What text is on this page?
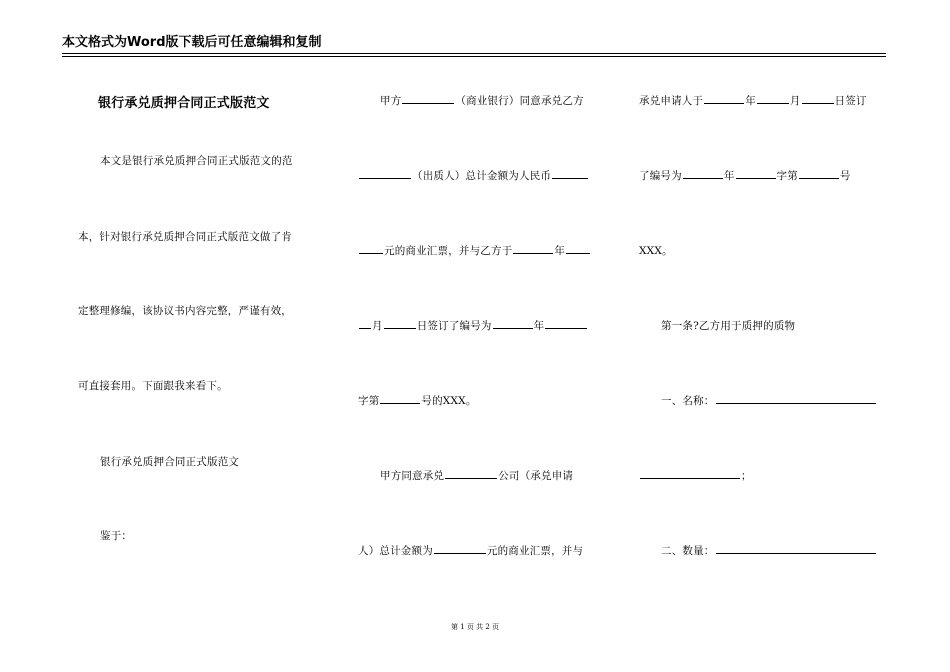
本文格式为Word版下载后可任意编辑和复制
银行承兑质押合同正式版范文
本文是银行承兑质押合同正式版范文的范
本，针对银行承兑质押合同正式版范文做了肯
定整理修编，该协议书内容完整，严谨有效，
可直接套用。下面跟我来看下。
银行承兑质押合同正式版范文
鉴于：
甲方	（商业银行）同意承兑乙方
（出质人）总计金额为人民币
元的商业汇票，并与乙方于	年
月	日签订了编号为	年
字第	号的XXX。
甲方同意承兑	公司（承兑申请
人）总计金额为	元的商业汇票，并与
承兑申请人于	年	月	日签订
了编号为	年	字第	号
XXX。
第一条?乙方用于质押的质物
一、名称：
；
二、数量：
第 1 页 共 2 页
